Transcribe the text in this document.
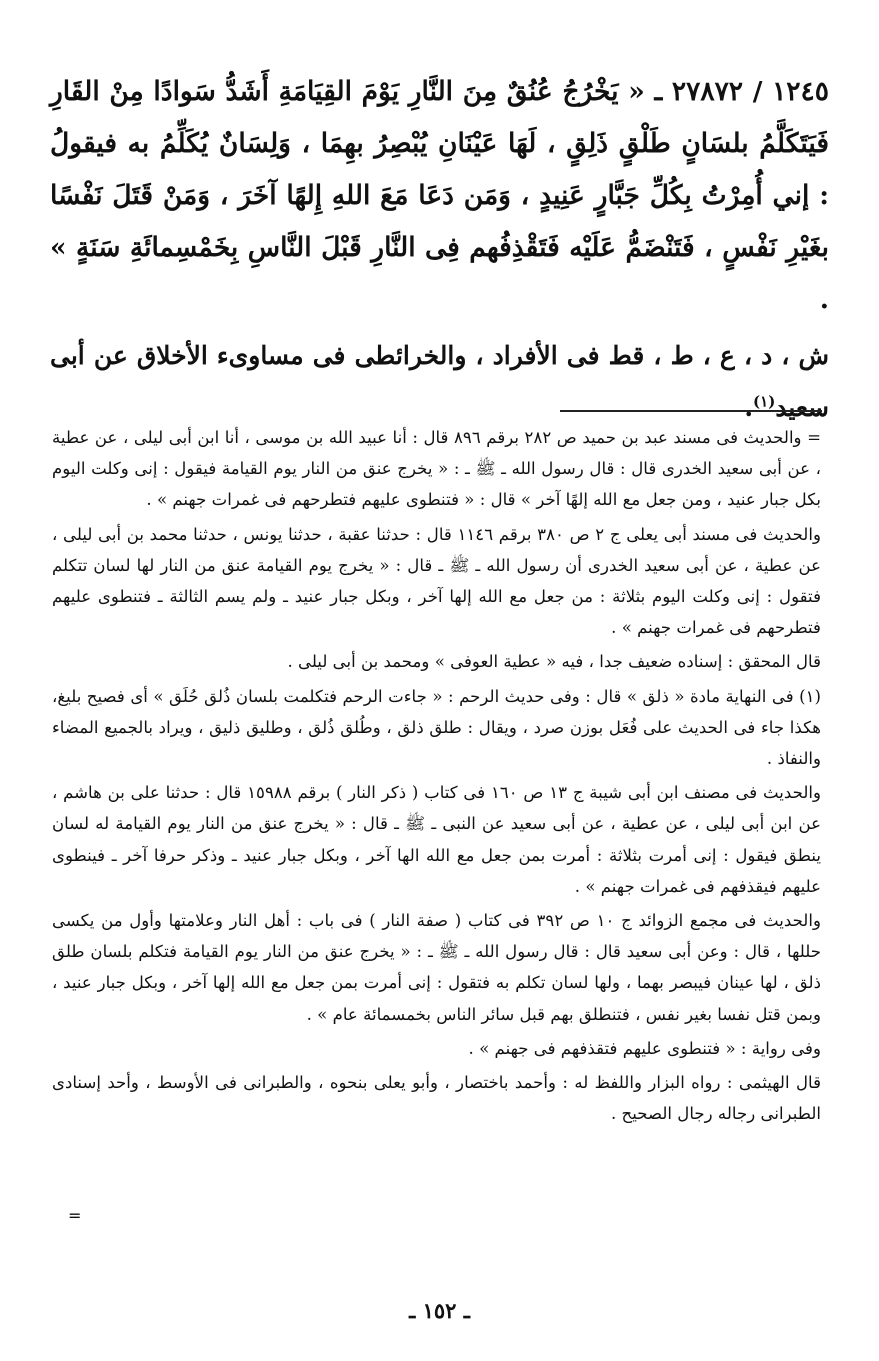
١٢٤٥ / ٢٧٨٧٢ ـ « يَخْرُجُ عُنُقٌ مِنَ النَّارِ يَوْمَ القِيَامَةِ أَشَدُّ سَوادًا مِنْ القَارِ فَيَتَكَلَّمُ بلسَانٍ طَلْقٍ ذَلِقٍ ، لَهَا عَيْنَانِ يُبْصِرُ بهِمَا ، وَلِسَانٌ يُكَلِّمُ به فيقولُ : إني أُمِرْتُ بِكُلِّ جَبَّارٍ عَنِيدٍ ، وَمَن دَعَا مَعَ اللهِ إِلهًا آخَرَ ، وَمَنْ قَتَلَ نَفْسًا بغَيْرِ نَفْسٍ ، فَتَنْضَمُّ عَلَيْه فَتَقْذِفُهم فِى النَّارِ قَبْلَ النَّاسِ بِخَمْسِمائَةِ سَنَةٍ » .

ش ، د ، ع ، ط ، قط فى الأفراد ، والخرائطى فى مساوىء الأخلاق عن أبى سعيد$^{(١)}$.

= والحديث فى مسند عبد بن حميد ص ٢٨٢ برقم ٨٩٦ قال : أنا عبيد الله بن موسى ، أنا ابن أبى ليلى ، عن عطية ، عن أبى سعيد الخدرى قال : قال رسول الله ـ ﷺ ـ : « يخرج عنق من النار يوم القيامة فيقول : إنى وكلت اليوم بكل جبار عنيد ، ومن جعل مع الله إلهًا آخر » قال : « فتنطوى عليهم فتطرحهم فى غمرات جهنم » .

والحديث فى مسند أبى يعلى ج ٢ ص ٣٨٠ برقم ١١٤٦ قال : حدثنا عقبة ، حدثنا يونس ، حدثنا محمد بن أبى ليلى ، عن عطية ، عن أبى سعيد الخدرى أن رسول الله ـ ﷺ ـ قال : « يخرج يوم القيامة عنق من النار لها لسان تتكلم فتقول : إنى وكلت اليوم بثلاثة : من جعل مع الله إلها آخر ، وبكل جبار عنيد ـ ولم يسم الثالثة ـ فتنطوى عليهم فتطرحهم فى غمرات جهنم » .

قال المحقق : إسناده ضعيف جدا ، فيه « عطية العوفى » ومحمد بن أبى ليلى .

(١) فى النهاية مادة « ذلق » قال : وفى حديث الرحم : « جاءت الرحم فتكلمت بلسان ذُلق حُلَق » أى فصيح بليغ، هكذا جاء فى الحديث على فُعَل بوزن صرد ، ويقال : طلق ذلق ، وطُلق ذُلق ، وطليق ذليق ، ويراد بالجميع المضاء والنفاذ .

والحديث فى مصنف ابن أبى شيبة ج ١٣ ص ١٦٠ فى كتاب ( ذكر النار ) برقم ١٥٩٨٨ قال : حدثنا على بن هاشم ، عن ابن أبى ليلى ، عن عطية ، عن أبى سعيد عن النبى ـ ﷺ ـ قال : « يخرج عنق من النار يوم القيامة له لسان ينطق فيقول : إنى أمرت بثلاثة : أمرت بمن جعل مع الله الها آخر ، وبكل جبار عنيد ـ وذكر حرفا آخر ـ فينطوى عليهم فيقذفهم فى غمرات جهنم » .

والحديث فى مجمع الزوائد ج ١٠ ص ٣٩٢ فى كتاب ( صفة النار ) فى باب : أهل النار وعلامتها وأول من يكسى حللها ، قال : وعن أبى سعيد قال : قال رسول الله ـ ﷺ ـ : « يخرج عنق من النار يوم القيامة فتكلم بلسان طلق ذلق ، لها عينان فيبصر بهما ، ولها لسان تكلم به فتقول : إنى أمرت بمن جعل مع الله إلها آخر ، وبكل جبار عنيد ، وبمن قتل نفسا بغير نفس ، فتنطلق بهم قبل سائر الناس بخمسمائة عام » .

وفى رواية : « فتنطوى عليهم فتقذفهم فى جهنم » .

قال الهيثمى : رواه البزار واللفظ له : وأحمد باختصار ، وأبو يعلى بنحوه ، والطبرانى فى الأوسط ، وأحد إسنادى الطبرانى رجاله رجال الصحيح .

=
ـ ١٥٢ ـ
